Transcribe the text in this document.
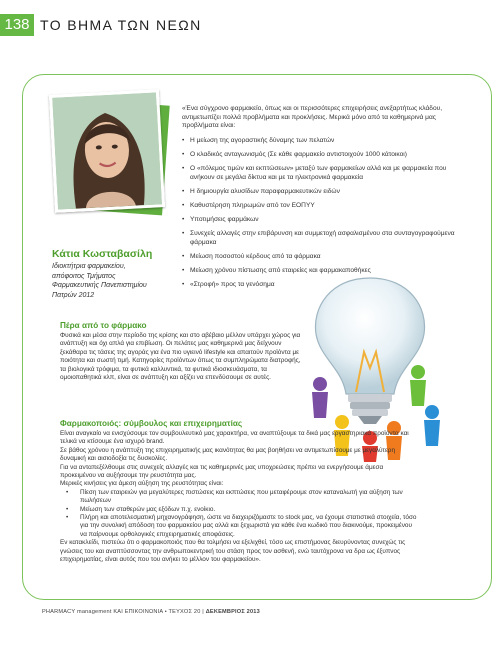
138 ΤΟ ΒΗΜΑ ΤΩΝ ΝΕΩΝ
Κάτια Κωσταβασίλη
Ιδιοκτήτρια φαρμακείου,
απόφοιτος Τμήματος
Φαρμακευτικής Πανεπιστημίου
Πατρών 2012

«Ένα σύγχρονο φαρμακείο, όπως και οι περισσότερες επιχειρήσεις ανεξαρτήτως κλάδου, αντιμετωπίζει πολλά προβλήματα και προκλήσεις. Μερικά μόνο από τα καθημερινά μας προβλήματα είναι:

• Η μείωση της αγοραστικής δύναμης των πελατών
• Ο κλαδικός ανταγωνισμός (Σε κάθε φαρμακείο αντιστοιχούν 1000 κάτοικοι)
• Ο «πόλεμος τιμών και εκπτώσεων» μεταξύ των φαρμακείων αλλά και με φαρμακεία που ανήκουν σε μεγάλα δίκτυα και με τα ηλεκτρονικά φαρμακεία
• Η δημιουργία αλυσίδων παραφαρμακευτικών ειδών
• Καθυστέρηση πληρωμών από τον ΕΟΠΥΥ
• Υποτιμήσεις φαρμάκων
• Συνεχείς αλλαγές στην επιβάρυνση και συμμετοχή ασφαλισμένου στα συνταγογραφούμενα φάρμακα
• Μείωση ποσοστού κέρδους από τα φάρμακα
• Μείωση χρόνου πίστωσης από εταιρείες και φαρμακαποθήκες
• «Στροφή» προς τα γενόσημα
Πέρα από το φάρμακο

Φυσικά και μέσα στην περίοδο της κρίσης και στο αβέβαιο μέλλον υπάρχει χώρος για ανάπτυξη και όχι απλά για επιβίωση. Οι πελάτες μας καθημερινά μας δείχνουν ξεκάθαρα τις τάσεις της αγοράς για ένα πιο υγιεινό lifestyle και απαιτούν προϊόντα με ποιότητα και σωστή τιμή. Κατηγορίες προϊόντων όπως τα συμπληρώματα διατροφής, τα βιολογικά τρόφιμα, τα φυτικά καλλυντικά, τα φυτικά ιδιοσκευάσματα, τα ομοιοπαθητικά κλπ, είναι σε ανάπτυξη και αξίζει να επενδύσουμε σε αυτές.

Φαρμακοποιός: σύμβουλος και επιχειρηματίας

Είναι αναγκαίο να ενισχύσουμε τον συμβουλευτικό μας χαρακτήρα, να αναπτύξουμε τα δικά μας εργαστηριακά προϊόντα και τελικά να κτίσουμε ένα ισχυρό brand.

Σε βάθος χρόνου η ανάπτυξη της επιχειρηματικής μας ικανότητας θα μας βοηθήσει να αντιμετωπίσουμε με μεγαλύτερη δυναμική και αισιοδοξία τις δυσκολίες.

Για να ανταπεξέλθουμε στις συνεχείς αλλαγές και τις καθημερινές μας υποχρεώσεις πρέπει να ενεργήσουμε άμεσα προκειμένου να αυξήσουμε την ρευστότητα μας.

Μερικές κινήσεις για άμεση αύξηση της ρευστότητας είναι:

• Πίεση των εταιρειών για μεγαλύτερες πιστώσεις και εκπτώσεις που μεταφέρουμε στον καταναλωτή για αύξηση των πωλήσεων
• Μείωση των σταθερών μας εξόδων π.χ. ενοίκιο.
• Πλήρη και αποτελεσματική μηχανογράφηση, ώστε να διαχειριζόμαστε το stock μας, να έχουμε στατιστικά στοιχεία, τόσο για την συνολική απόδοση του φαρμακείου μας αλλά και ξεχωριστά για κάθε ένα κωδικό που διακινούμε, προκειμένου να παίρνουμε ορθολογικές επιχειρηματικές αποφάσεις.

Εν κατακλείδι, πιστεύω ότι ο φαρμακοποιός που θα τολμήσει να εξελιχθεί, τόσο ως επιστήμονας διευρύνοντας συνεχώς τις γνώσεις του και αναπτύσσοντας την ανθρωποκεντρική του στάση προς τον ασθενή, ενώ ταυτόχρονα να δρα ως έξυπνος επιχειρηματίας, είναι αυτός που του ανήκει το μέλλον του φαρμακείου».

PHARMACY management ΚΑΙ ΕΠΙΚΟΙΝΩΝΙΑ • ΤΕΥΧΟΣ 20 | ΔΕΚΕΜΒΡΙΟΣ 2013
